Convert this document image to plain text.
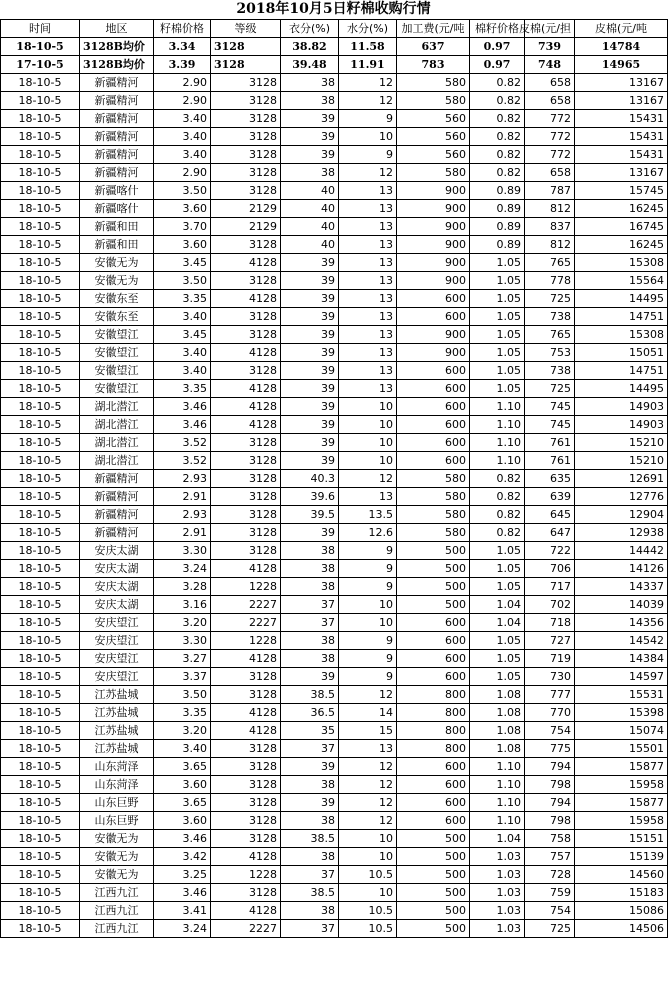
2018年10月5日籽棉收购行情
时间	地区	籽棉价格	等级	衣分(%)	水分(%)	加工费(元/吨	棉籽价格	皮棉(元/担	皮棉(元/吨
18-10-5	3128B均价	3.34	3128	38.82	11.58	637	0.97	739	14784
17-10-5	3128B均价	3.39	3128	39.48	11.91	783	0.97	748	14965
18-10-5	新疆精河	2.90	3128	38	12	580	0.82	658	13167
18-10-5	新疆精河	2.90	3128	38	12	580	0.82	658	13167
18-10-5	新疆精河	3.40	3128	39	9	560	0.82	772	15431
18-10-5	新疆精河	3.40	3128	39	10	560	0.82	772	15431
18-10-5	新疆精河	3.40	3128	39	9	560	0.82	772	15431
18-10-5	新疆精河	2.90	3128	38	12	580	0.82	658	13167
18-10-5	新疆喀什	3.50	3128	40	13	900	0.89	787	15745
18-10-5	新疆喀什	3.60	2129	40	13	900	0.89	812	16245
18-10-5	新疆和田	3.70	2129	40	13	900	0.89	837	16745
18-10-5	新疆和田	3.60	3128	40	13	900	0.89	812	16245
18-10-5	安徽无为	3.45	4128	39	13	900	1.05	765	15308
18-10-5	安徽无为	3.50	3128	39	13	900	1.05	778	15564
18-10-5	安徽东至	3.35	4128	39	13	600	1.05	725	14495
18-10-5	安徽东至	3.40	3128	39	13	600	1.05	738	14751
18-10-5	安徽望江	3.45	3128	39	13	900	1.05	765	15308
18-10-5	安徽望江	3.40	4128	39	13	900	1.05	753	15051
18-10-5	安徽望江	3.40	3128	39	13	600	1.05	738	14751
18-10-5	安徽望江	3.35	4128	39	13	600	1.05	725	14495
18-10-5	湖北潜江	3.46	4128	39	10	600	1.10	745	14903
18-10-5	湖北潜江	3.46	4128	39	10	600	1.10	745	14903
18-10-5	湖北潜江	3.52	3128	39	10	600	1.10	761	15210
18-10-5	湖北潜江	3.52	3128	39	10	600	1.10	761	15210
18-10-5	新疆精河	2.93	3128	40.3	12	580	0.82	635	12691
18-10-5	新疆精河	2.91	3128	39.6	13	580	0.82	639	12776
18-10-5	新疆精河	2.93	3128	39.5	13.5	580	0.82	645	12904
18-10-5	新疆精河	2.91	3128	39	12.6	580	0.82	647	12938
18-10-5	安庆太湖	3.30	3128	38	9	500	1.05	722	14442
18-10-5	安庆太湖	3.24	4128	38	9	500	1.05	706	14126
18-10-5	安庆太湖	3.28	1228	38	9	500	1.05	717	14337
18-10-5	安庆太湖	3.16	2227	37	10	500	1.04	702	14039
18-10-5	安庆望江	3.20	2227	37	10	600	1.04	718	14356
18-10-5	安庆望江	3.30	1228	38	9	600	1.05	727	14542
18-10-5	安庆望江	3.27	4128	38	9	600	1.05	719	14384
18-10-5	安庆望江	3.37	3128	39	9	600	1.05	730	14597
18-10-5	江苏盐城	3.50	3128	38.5	12	800	1.08	777	15531
18-10-5	江苏盐城	3.35	4128	36.5	14	800	1.08	770	15398
18-10-5	江苏盐城	3.20	4128	35	15	800	1.08	754	15074
18-10-5	江苏盐城	3.40	3128	37	13	800	1.08	775	15501
18-10-5	山东菏泽	3.65	3128	39	12	600	1.10	794	15877
18-10-5	山东菏泽	3.60	3128	38	12	600	1.10	798	15958
18-10-5	山东巨野	3.65	3128	39	12	600	1.10	794	15877
18-10-5	山东巨野	3.60	3128	38	12	600	1.10	798	15958
18-10-5	安徽无为	3.46	3128	38.5	10	500	1.04	758	15151
18-10-5	安徽无为	3.42	4128	38	10	500	1.03	757	15139
18-10-5	安徽无为	3.25	1228	37	10.5	500	1.03	728	14560
18-10-5	江西九江	3.46	3128	38.5	10	500	1.03	759	15183
18-10-5	江西九江	3.41	4128	38	10.5	500	1.03	754	15086
18-10-5	江西九江	3.24	2227	37	10.5	500	1.03	725	14506
